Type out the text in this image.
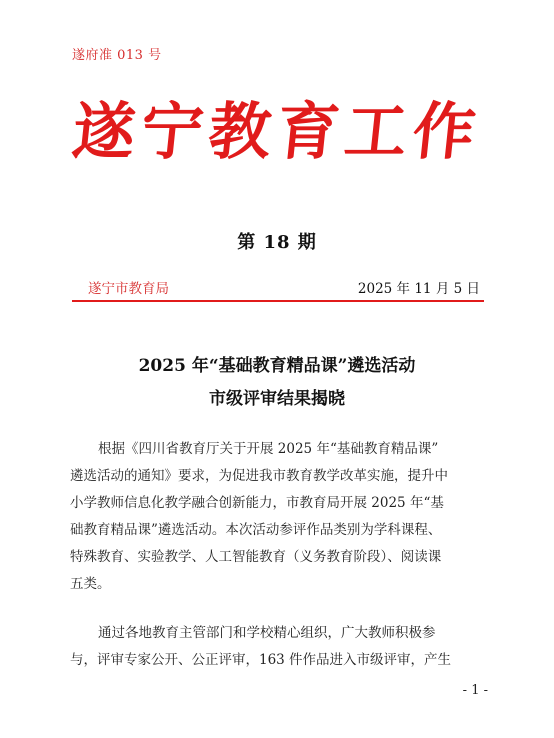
遂府准 013 号
遂宁教育工作
第 18 期
遂宁市教育局	2025 年 11 月 5 日
2025 年“基础教育精品课”遴选活动
市级评审结果揭晓
根据《四川省教育厅关于开展 2025 年“基础教育精品课”
遴选活动的通知》要求，为促进我市教育教学改革实施，提升中
小学教师信息化教学融合创新能力，市教育局开展 2025 年“基
础教育精品课”遴选活动。本次活动参评作品类别为学科课程、
特殊教育、实验教学、人工智能教育（义务教育阶段）、阅读课
五类。
通过各地教育主管部门和学校精心组织，广大教师积极参
与，评审专家公开、公正评审，163 件作品进入市级评审，产生
- 1 -
